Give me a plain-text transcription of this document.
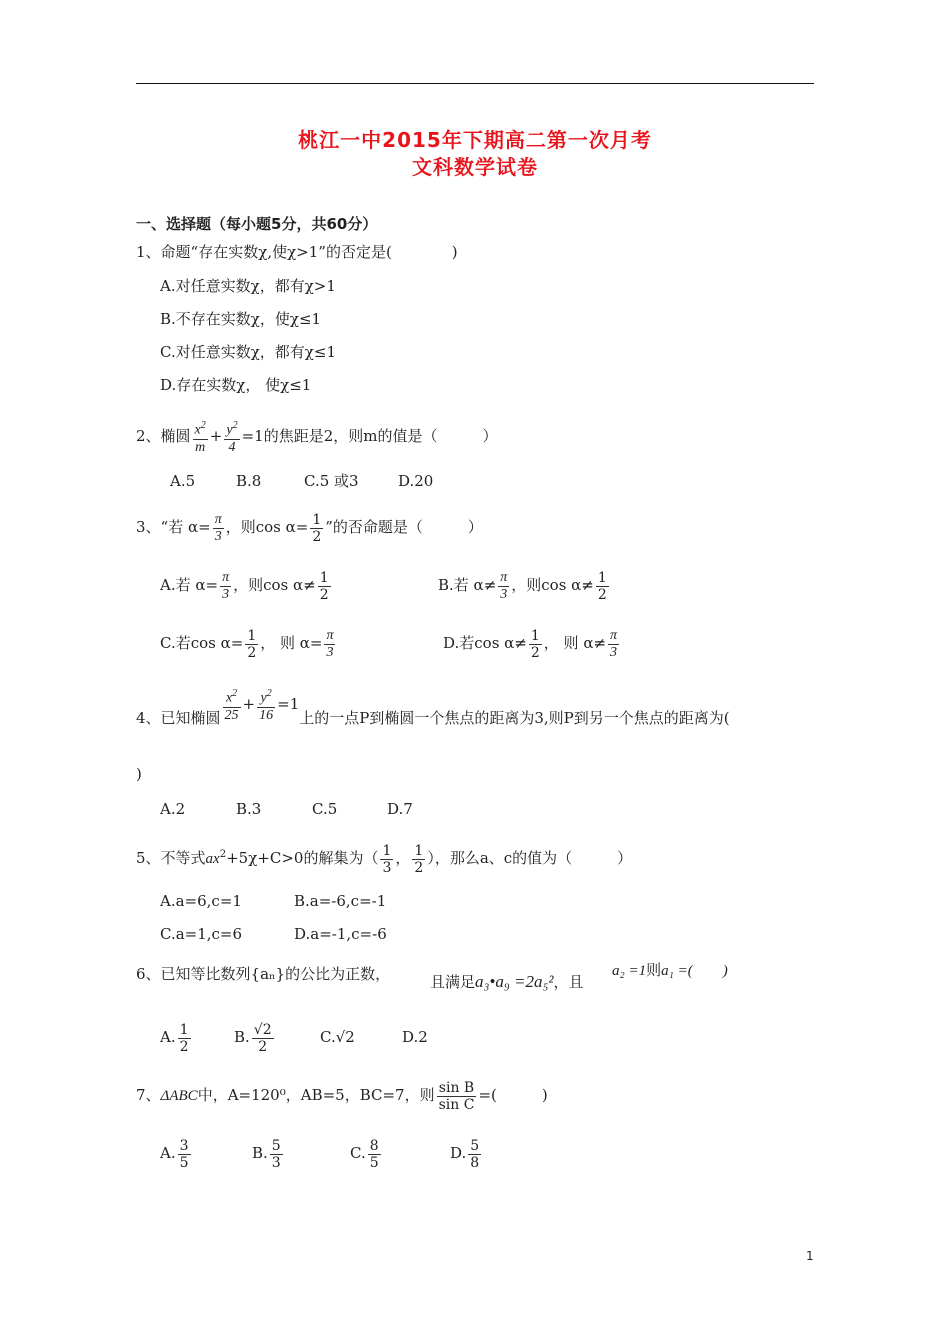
桃江一中2015年下期高二第一次月考
文科数学试卷
一、选择题（每小题5分，共60分）
1、命题“存在实数χ,使χ>1”的否定是(　　　　)
A.对任意实数χ，都有χ>1
B.不存在实数χ，使χ≤1
C.对任意实数χ，都有χ≤1
D.存在实数χ， 使χ≤1
2、椭圆 $\frac{x^2}{m} + \frac{y^2}{4} =1$的焦距是2，则m的值是（　　　）
A.5	B.8	C.5 或3	D.20
3、“若 $\alpha= \frac{\pi}{3}$ ，则$\cos \alpha= \frac{1}{2}$ ”的否命题是（　　　）
A.若 $\alpha= \frac{\pi}{3}$ ，则$\cos \alpha\ne \frac{1}{2}$	B.若 $\alpha\ne \frac{\pi}{3}$ ，则$\cos \alpha\ne \frac{1}{2}$
C.若$\cos \alpha= \frac{1}{2}$ ， 则 $\alpha= \frac{\pi}{3}$	D.若$\cos \alpha\ne \frac{1}{2}$ ， 则 $\alpha\ne \frac{\pi}{3}$
4、已知椭圆 $\frac{x^2}{25} + \frac{y^2}{16} =1$上的一点P到椭圆一个焦点的距离为3,则P到另一个焦点的距离为(
)
A.2	B.3	C.5	D.7
5、不等式$ax^2+5\chi+C>0$的解集为（ $\frac{1}{3}$ ， $\frac{1}{2}$ ），那么a、c的值为（　　　）
A.a=6,c=1	B.a=-6,c=-1
C.a=1,c=6	D.a=-1,c=-6
6、已知等比数列{aₙ}的公比为正数，	且满足a₃•a₉ =2a₅²，且
a₂ =1则a₁ =(　　)
A. $\frac{1}{2}$	B. $\frac{√2}{2}$	C.√2	D.2
7、ΔABC中，A=120⁰，AB=5，BC=7，则 $\frac{\text{sin B}}{\text{sin C}}$ =(　　　)
A. $\frac{3}{5}$	B. $\frac{5}{3}$	C. $\frac{8}{5}$	D. $\frac{5}{8}$
1
